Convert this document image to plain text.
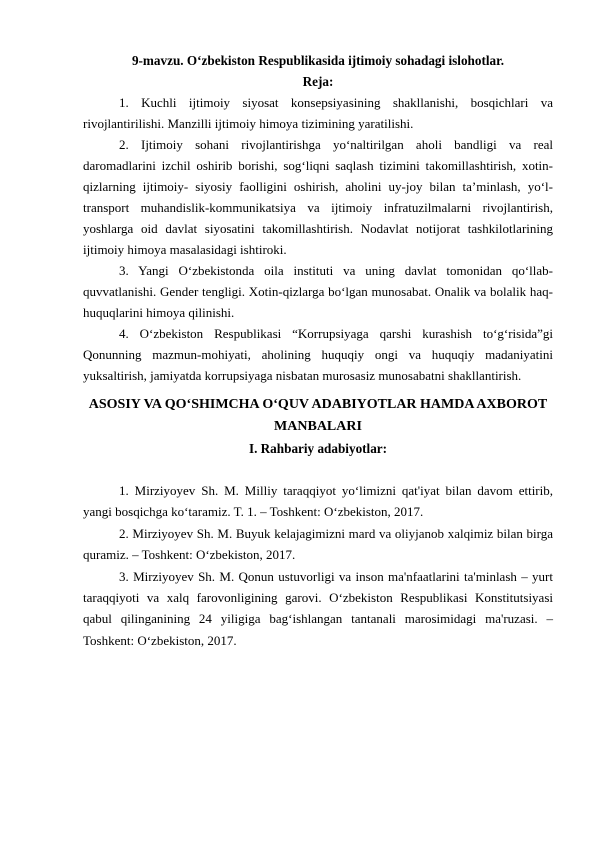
9-mavzu. O‘zbekiston Respublikasida ijtimoiy sohadagi islohotlar.

Reja:

1. Kuchli ijtimoiy siyosat konsepsiyasining shakllanishi, bosqichlari va rivojlantirilishi. Manzilli ijtimoiy himoya tizimining yaratilishi.

2. Ijtimoiy sohani rivojlantirishga yo‘naltirilgan aholi bandligi va real daromadlarini izchil oshirib borishi, sog‘liqni saqlash tizimini takomillashtirish, xotin-qizlarning ijtimoiy- siyosiy faolligini oshirish, aholini uy-joy bilan ta’minlash, yo‘l-transport muhandislik-kommunikatsiya va ijtimoiy infratuzilmalarni rivojlantirish, yoshlarga oid davlat siyosatini takomillashtirish. Nodavlat notijorat tashkilotlarining ijtimoiy himoya masalasidagi ishtiroki.

3. Yangi O‘zbekistonda oila instituti va uning davlat tomonidan qo‘llab-quvvatlanishi. Gender tengligi. Xotin-qizlarga bo‘lgan munosabat. Onalik va bolalik haq-huquqlarini himoya qilinishi.

4. O‘zbekiston Respublikasi “Korrupsiyaga qarshi kurashish to‘g‘risida”gi Qonunning mazmun-mohiyati, aholining huquqiy ongi va huquqiy madaniyatini yuksaltirish, jamiyatda korrupsiyaga nisbatan murosasiz munosabatni shakllantirish.

ASOSIY VA QO‘SHIMCHA O‘QUV ADABIYOTLAR HAMDA AXBOROT MANBALARI

I. Rahbariy adabiyotlar:

1. Mirziyoyev Sh. M. Milliy taraqqiyot yo‘limizni qat'iyat bilan davom ettirib, yangi bosqichga ko‘taramiz. T. 1. – Toshkent: O‘zbekiston, 2017.

2. Mirziyoyev Sh. M. Buyuk kelajagimizni mard va oliyjanob xalqimiz bilan birga quramiz. – Toshkent: O‘zbekiston, 2017.

3. Mirziyoyev Sh. M. Qonun ustuvorligi va inson ma'nfaatlarini ta'minlash – yurt taraqqiyoti va xalq farovonligining garovi. O‘zbekiston Respublikasi Konstitutsiyasi qabul qilinganining 24 yiligiga bag‘ishlangan tantanali marosimidagi ma'ruzasi. – Toshkent: O‘zbekiston, 2017.
